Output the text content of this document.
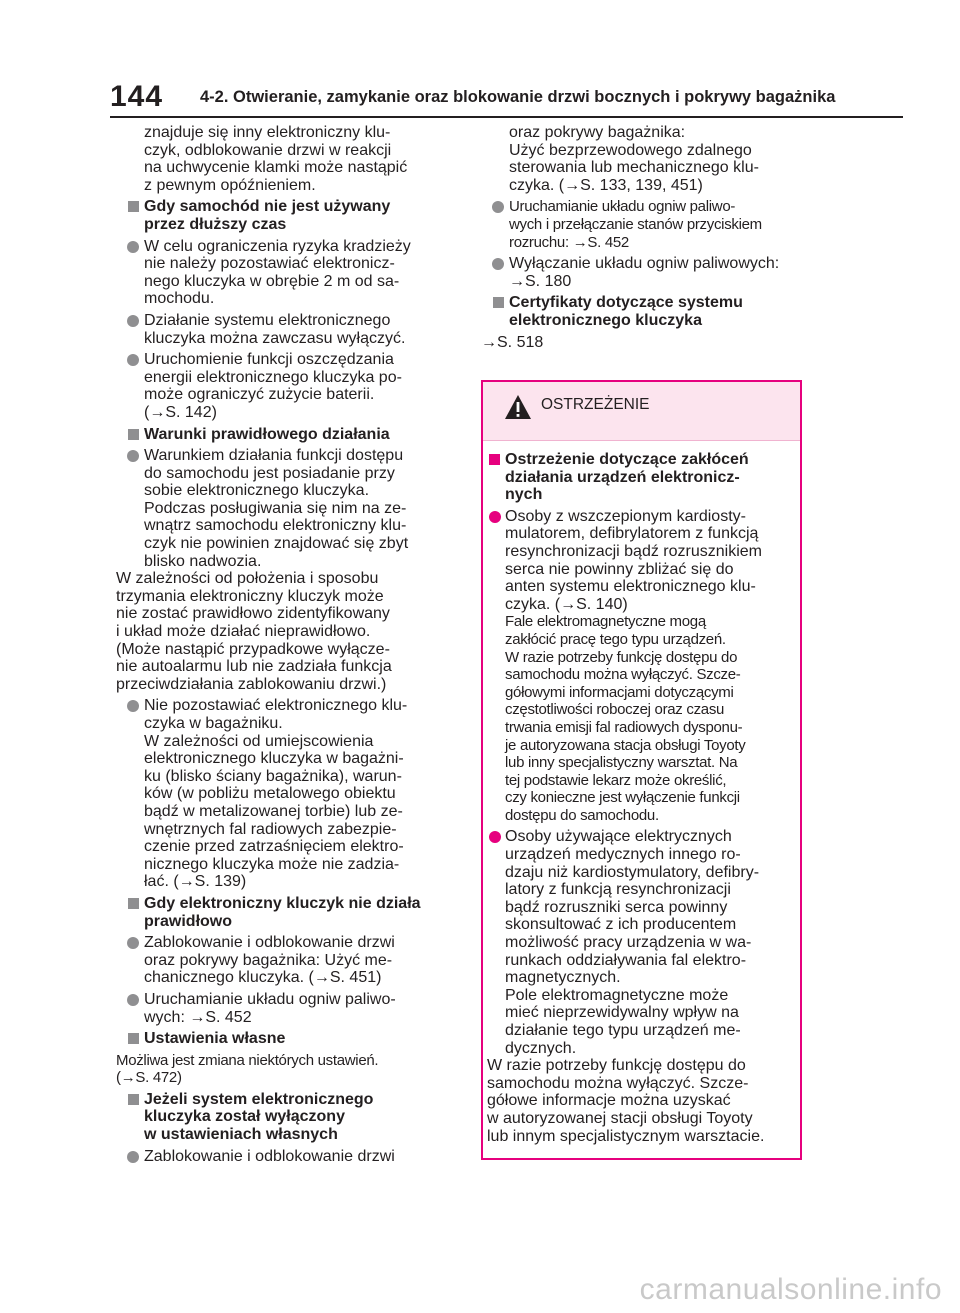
144 4-2. Otwieranie, zamykanie oraz blokowanie drzwi bocznych i pokrywy bagażnika
znajduje się inny elektroniczny klu-
czyk, odblokowanie drzwi w reakcji
na uchwycenie klamki może nastąpić
z pewnym opóźnieniem.
Gdy samochód nie jest używany
przez dłuższy czas
W celu ograniczenia ryzyka kradzieży
nie należy pozostawiać elektronicz-
nego kluczyka w obrębie 2 m od sa-
mochodu.
Działanie systemu elektronicznego
kluczyka można zawczasu wyłączyć.
Uruchomienie funkcji oszczędzania
energii elektronicznego kluczyka po-
może ograniczyć zużycie baterii.
(→S. 142)
Warunki prawidłowego działania
Warunkiem działania funkcji dostępu
do samochodu jest posiadanie przy
sobie elektronicznego kluczyka.
Podczas posługiwania się nim na ze-
wnątrz samochodu elektroniczny klu-
czyk nie powinien znajdować się zbyt
blisko nadwozia.
W zależności od położenia i sposobu
trzymania elektroniczny kluczyk może
nie zostać prawidłowo zidentyfikowany
i układ może działać nieprawidłowo.
(Może nastąpić przypadkowe wyłącze-
nie autoalarmu lub nie zadziała funkcja
przeciwdziałania zablokowaniu drzwi.)
Nie pozostawiać elektronicznego klu-
czyka w bagażniku.
W zależności od umiejscowienia
elektronicznego kluczyka w bagażni-
ku (blisko ściany bagażnika), warun-
ków (w pobliżu metalowego obiektu
bądź w metalizowanej torbie) lub ze-
wnętrznych fal radiowych zabezpie-
czenie przed zatrzaśnięciem elektro-
nicznego kluczyka może nie zadzia-
łać. (→S. 139)
Gdy elektroniczny kluczyk nie działa
prawidłowo
Zablokowanie i odblokowanie drzwi
oraz pokrywy bagażnika: Użyć me-
chanicznego kluczyka. (→S. 451)
Uruchamianie układu ogniw paliwo-
wych: →S. 452
Ustawienia własne
Możliwa jest zmiana niektórych ustawień.
(→S. 472)
Jeżeli system elektronicznego
kluczyka został wyłączony
w ustawieniach własnych
Zablokowanie i odblokowanie drzwi
oraz pokrywy bagażnika:
Użyć bezprzewodowego zdalnego
sterowania lub mechanicznego klu-
czyka. (→S. 133, 139, 451)
Uruchamianie układu ogniw paliwo-
wych i przełączanie stanów przyciskiem
rozruchu: →S. 452
Wyłączanie układu ogniw paliwowych:
→S. 180
Certyfikaty dotyczące systemu
elektronicznego kluczyka
→S. 518
OSTRZEŻENIE
Ostrzeżenie dotyczące zakłóceń
działania urządzeń elektronicz-
nych
Osoby z wszczepionym kardiosty-
mulatorem, defibrylatorem z funkcją
resynchronizacji bądź rozrusznikiem
serca nie powinny zbliżać się do
anten systemu elektronicznego klu-
czyka. (→S. 140)
Fale elektromagnetyczne mogą
zakłócić pracę tego typu urządzeń.
W razie potrzeby funkcję dostępu do
samochodu można wyłączyć. Szcze-
gółowymi informacjami dotyczącymi
częstotliwości roboczej oraz czasu
trwania emisji fal radiowych dysponu-
je autoryzowana stacja obsługi Toyoty
lub inny specjalistyczny warsztat. Na
tej podstawie lekarz może określić,
czy konieczne jest wyłączenie funkcji
dostępu do samochodu.
Osoby używające elektrycznych
urządzeń medycznych innego ro-
dzaju niż kardiostymulatory, defibry-
latory z funkcją resynchronizacji
bądź rozruszniki serca powinny
skonsultować z ich producentem
możliwość pracy urządzenia w wa-
runkach oddziaływania fal elektro-
magnetycznych.
Pole elektromagnetyczne może
mieć nieprzewidywalny wpływ na
działanie tego typu urządzeń me-
dycznych.
W razie potrzeby funkcję dostępu do
samochodu można wyłączyć. Szcze-
gółowe informacje można uzyskać
w autoryzowanej stacji obsługi Toyoty
lub innym specjalistycznym warsztacie.
carmanualsonline.info
